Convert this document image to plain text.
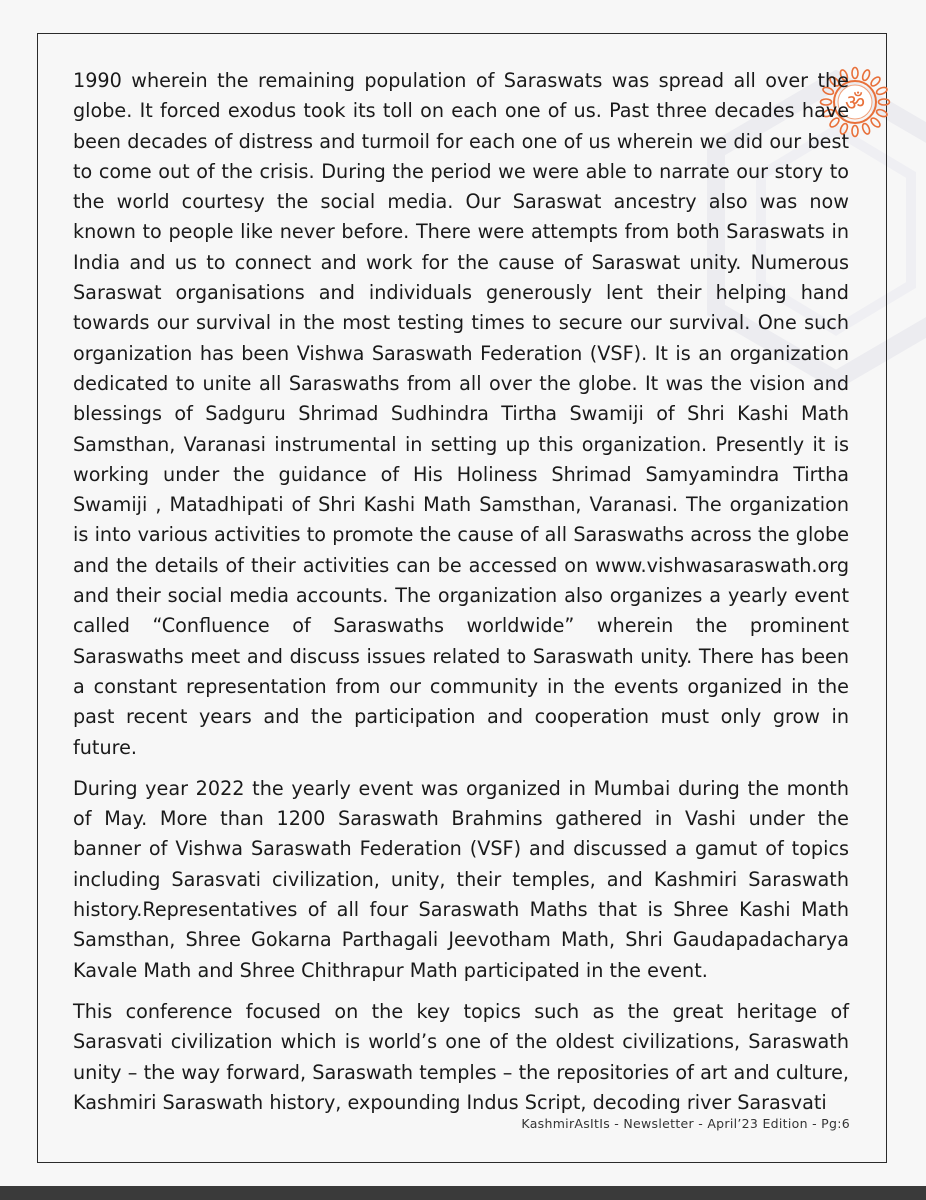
ॐ

1990 wherein the remaining population of Saraswats was spread all over the globe. It forced exodus took its toll on each one of us. Past three decades have been decades of distress and turmoil for each one of us wherein we did our best to come out of the crisis. During the period we were able to narrate our story to the world courtesy the social media. Our Saraswat ancestry also was now known to people like never before. There were attempts from both Saraswats in India and us to connect and work for the cause of Saraswat unity. Numerous Saraswat organisations and individuals generously lent their helping hand towards our survival in the most testing times to secure our survival. One such organization has been Vishwa Saraswath Federation (VSF). It is an organization dedicated to unite all Saraswaths from all over the globe. It was the vision and blessings of Sadguru Shrimad Sudhindra Tirtha Swamiji of Shri Kashi Math Samsthan, Varanasi instrumental in setting up this organization. Presently it is working under the guidance of His Holiness Shrimad Samyamindra Tirtha Swamiji , Matadhipati of Shri Kashi Math Samsthan, Varanasi. The organization is into various activities to promote the cause of all Saraswaths across the globe and the details of their activities can be accessed on www.vishwasaraswath.org and their social media accounts. The organization also organizes a yearly event called “Confluence of Saraswaths worldwide” wherein the prominent Saraswaths meet and discuss issues related to Saraswath unity. There has been a constant representation from our community in the events organized in the past recent years and the participation and cooperation must only grow in future.

During year 2022 the yearly event was organized in Mumbai during the month of May. More than 1200 Saraswath Brahmins gathered in Vashi under the banner of Vishwa Saraswath Federation (VSF) and discussed a gamut of topics including Sarasvati civilization, unity, their temples, and Kashmiri Saraswath history.Representatives of all four Saraswath Maths that is Shree Kashi Math Samsthan, Shree Gokarna Parthagali Jeevotham Math, Shri Gaudapadacharya Kavale Math and Shree Chithrapur Math participated in the event.

This conference focused on the key topics such as the great heritage of Sarasvati civilization which is world’s one of the oldest civilizations, Saraswath unity – the way forward, Saraswath temples – the repositories of art and culture, Kashmiri Saraswath history, expounding Indus Script, decoding river Sarasvati

KashmirAsItIs - Newsletter - April’23 Edition - Pg:6
